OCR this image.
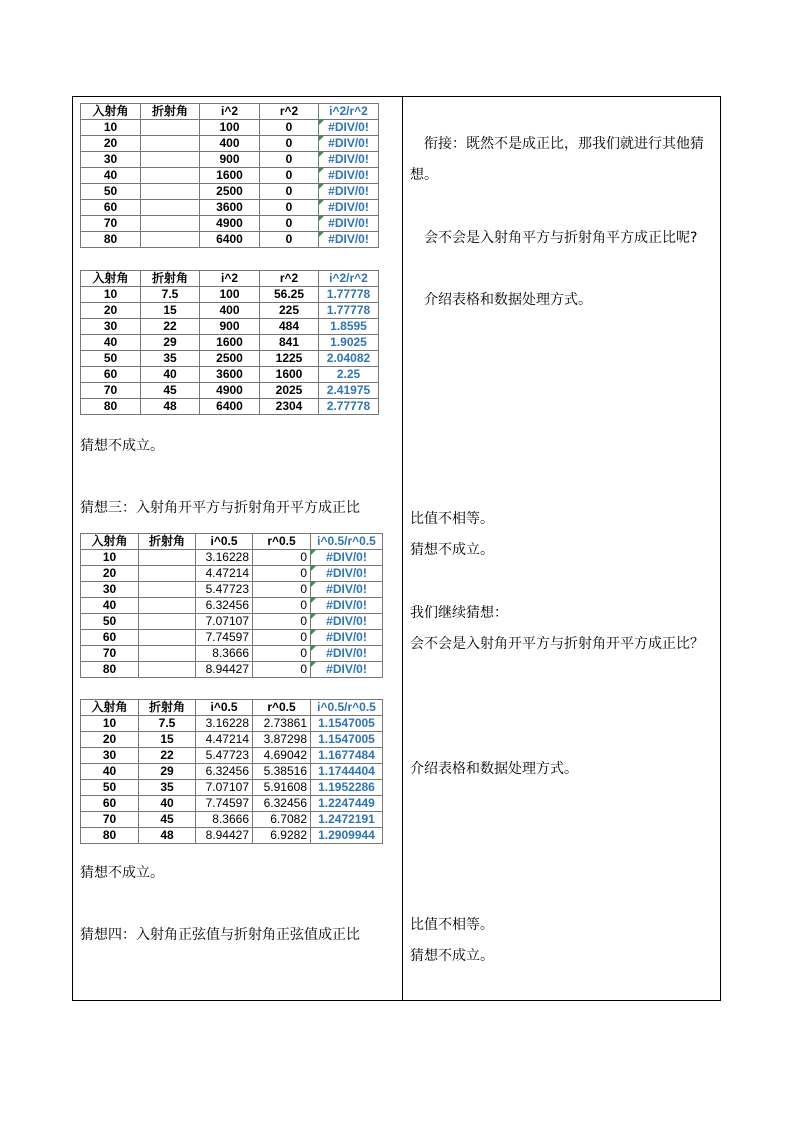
入射角	折射角	i^2	r^2	i^2/r^2
10		100	0	#DIV/0!
20		400	0	#DIV/0!
30		900	0	#DIV/0!
40		1600	0	#DIV/0!
50		2500	0	#DIV/0!
60		3600	0	#DIV/0!
70		4900	0	#DIV/0!
80		6400	0	#DIV/0!
入射角	折射角	i^2	r^2	i^2/r^2
10	7.5	100	56.25	1.77778
20	15	400	225	1.77778
30	22	900	484	1.8595
40	29	1600	841	1.9025
50	35	2500	1225	2.04082
60	40	3600	1600	2.25
70	45	4900	2025	2.41975
80	48	6400	2304	2.77778
猜想不成立。
猜想三：入射角开平方与折射角开平方成正比
入射角	折射角	i^0.5	r^0.5	i^0.5/r^0.5
10		3.16228	0	#DIV/0!
20		4.47214	0	#DIV/0!
30		5.47723	0	#DIV/0!
40		6.32456	0	#DIV/0!
50		7.07107	0	#DIV/0!
60		7.74597	0	#DIV/0!
70		8.3666	0	#DIV/0!
80		8.94427	0	#DIV/0!
入射角	折射角	i^0.5	r^0.5	i^0.5/r^0.5
10	7.5	3.16228	2.73861	1.1547005
20	15	4.47214	3.87298	1.1547005
30	22	5.47723	4.69042	1.1677484
40	29	6.32456	5.38516	1.1744404
50	35	7.07107	5.91608	1.1952286
60	40	7.74597	6.32456	1.2247449
70	45	8.3666	6.7082	1.2472191
80	48	8.94427	6.9282	1.2909944
猜想不成立。
猜想四：入射角正弦值与折射角正弦值成正比
衔接：既然不是成正比，那我们就进行其他猜
想。
会不会是入射角平方与折射角平方成正比呢?
介绍表格和数据处理方式。
比值不相等。
猜想不成立。
我们继续猜想：
会不会是入射角开平方与折射角开平方成正比？
介绍表格和数据处理方式。
比值不相等。
猜想不成立。
